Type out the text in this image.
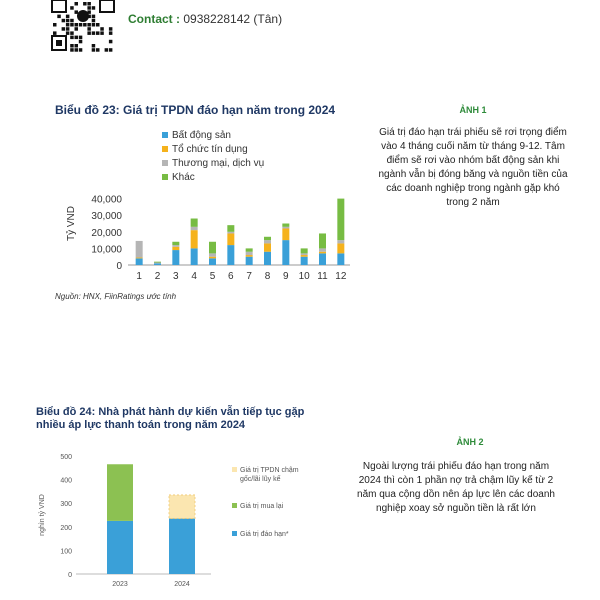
Contact : 0938228142 (Tân)
Biểu đồ 23: Giá trị TPDN đáo hạn năm trong 2024
Tỷ VND
0
10,000
20,000
30,000
40,000
1 2 3 4 5 6 7 8 9 10 11 12
Bất động sản
Tổ chức tín dụng
Thương mại, dịch vụ
Khác
Nguồn: HNX, FiinRatings ước tính
ẢNH 1
Giá trị đáo hạn trái phiếu sẽ rơi trọng điểm vào 4 tháng cuối năm từ tháng 9-12. Tâm điểm sẽ rơi vào nhóm bất động sản khi ngành vẫn bị đóng băng và nguồn tiền của các doanh nghiệp trong ngành gặp khó trong 2 năm
Biểu đồ 24: Nhà phát hành dự kiến vẫn tiếp tục gặp nhiều áp lực thanh toán trong năm 2024
nghìn tỷ VND
0
100
200
300
400
500
2023	2024
Giá trị TPDN chậm
gốc/lãi lũy kế
Giá trị mua lại
Giá trị đáo hạn*
ẢNH 2
Ngoài lượng trái phiếu đáo hạn trong năm 2024 thì còn 1 phần nợ trả chậm lũy kế từ 2 năm qua cộng dồn nên áp lực lên các doanh nghiệp xoay sở nguồn tiền là rất lớn
